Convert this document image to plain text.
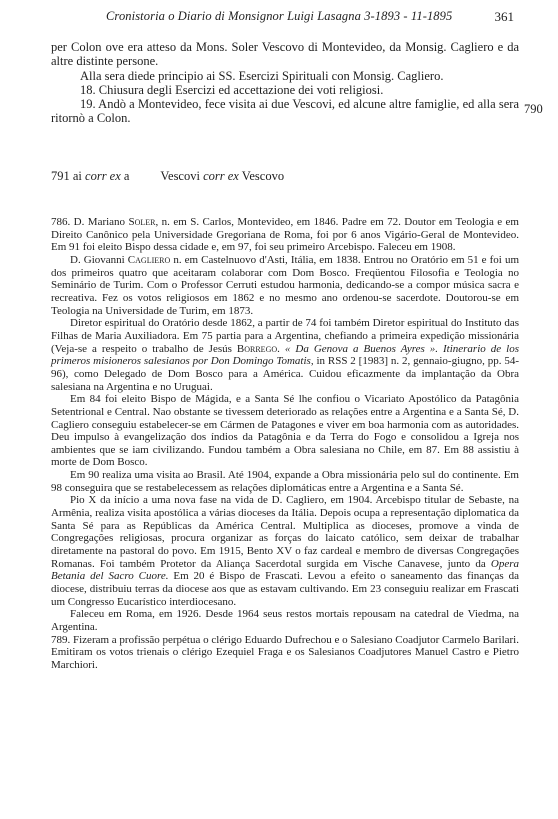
Cronistoria o Diario di Monsignor Luigi Lasagna 3-1893 - 11-1895	361

per Colon ove era atteso da Mons. Soler Vescovo di Montevideo, da Monsig. Cagliero e da altre distinte persone.

Alla sera diede principio ai SS. Esercizi Spirituali con Monsig. Cagliero.

18. Chiusura degli Esercizi ed accettazione dei voti religiosi.

19. Andò a Montevideo, fece visita ai due Vescovi, ed alcune altre famiglie, ed alla sera ritornò a Colon.

790
791 ai corr ex a Vescovi corr ex Vescovo

786. D. Mariano Soler, n. em S. Carlos, Montevideo, em 1846. Padre em 72. Doutor em Teologia e em Direito Canônico pela Universidade Gregoriana de Roma, foi por 6 anos Vigário-Geral de Montevideo. Em 91 foi eleito Bispo dessa cidade e, em 97, foi seu primeiro Arcebispo. Faleceu em 1908.

D. Giovanni Cagliero n. em Castelnuovo d'Asti, Itália, em 1838. Entrou no Oratório em 51 e foi um dos primeiros quatro que aceitaram colaborar com Dom Bosco. Freqüentou Filosofia e Teologia no Seminário de Turim. Com o Professor Cerruti estudou harmonia, dedicando-se a compor música sacra e recreativa. Fez os votos religiosos em 1862 e no mesmo ano ordenou-se sacerdote. Doutorou-se em Teologia na Universidade de Turim, em 1873.

Diretor espiritual do Oratório desde 1862, a partir de 74 foi também Diretor espiritual do Instituto das Filhas de Maria Auxiliadora. Em 75 partia para a Argentina, chefiando a primeira expedição missionária (Veja-se a respeito o trabalho de Jesús Borrego. « Da Genova a Buenos Ayres ». Itinerario de los primeros misioneros salesianos por Don Domingo Tomatis, in RSS 2 [1983] n. 2, gennaio-giugno, pp. 54-96), como Delegado de Dom Bosco para a América. Cuidou eficazmente da implantação da Obra salesiana na Argentina e no Uruguai.

Em 84 foi eleito Bispo de Mágida, e a Santa Sé lhe confiou o Vicariato Apostólico da Patagônia Setentrional e Central. Nao obstante se tivessem deteriorado as relações entre a Argentina e a Santa Sé, D. Cagliero conseguiu estabelecer-se em Cármen de Patagones e viver em boa harmonia com as autoridades. Deu impulso à evangelização dos índios da Patagônia e da Terra do Fogo e consolidou a Igreja nos ambientes que se iam civilizando. Fundou também a Obra salesiana no Chile, em 87. Em 88 assistiu à morte de Dom Bosco.

Em 90 realiza uma visita ao Brasil. Até 1904, expande a Obra missionária pelo sul do continente. Em 98 conseguira que se restabelecessem as relações diplomáticas entre a Argentina e a Santa Sé.

Pio X da início a uma nova fase na vida de D. Cagliero, em 1904. Arcebispo titular de Sebaste, na Armênia, realiza visita apostólica a várias dioceses da Itália. Depois ocupa a representação diplomatica da Santa Sé para as Repúblicas da América Central. Multiplica as dioceses, promove a vinda de Congregações religiosas, procura organizar as forças do laicato católico, sem deixar de trabalhar diretamente na pastoral do povo. Em 1915, Bento XV o faz cardeal e membro de diversas Congregações Romanas. Foi também Protetor da Aliança Sacerdotal surgida em Vische Canavese, junto da Opera Betania del Sacro Cuore. Em 20 é Bispo de Frascati. Levou a efeito o saneamento das finanças da diocese, distribuiu terras da diocese aos que as estavam cultivando. Em 23 conseguiu realizar em Frascati um Congresso Eucarístico interdiocesano.

Faleceu em Roma, em 1926. Desde 1964 seus restos mortais repousam na catedral de Viedma, na Argentina.

789. Fizeram a profissão perpétua o clérigo Eduardo Dufrechou e o Salesiano Coadjutor Carmelo Barilari. Emitiram os votos trienais o clérigo Ezequiel Fraga e os Salesianos Coadjutores Manuel Castro e Pietro Marchiori.
